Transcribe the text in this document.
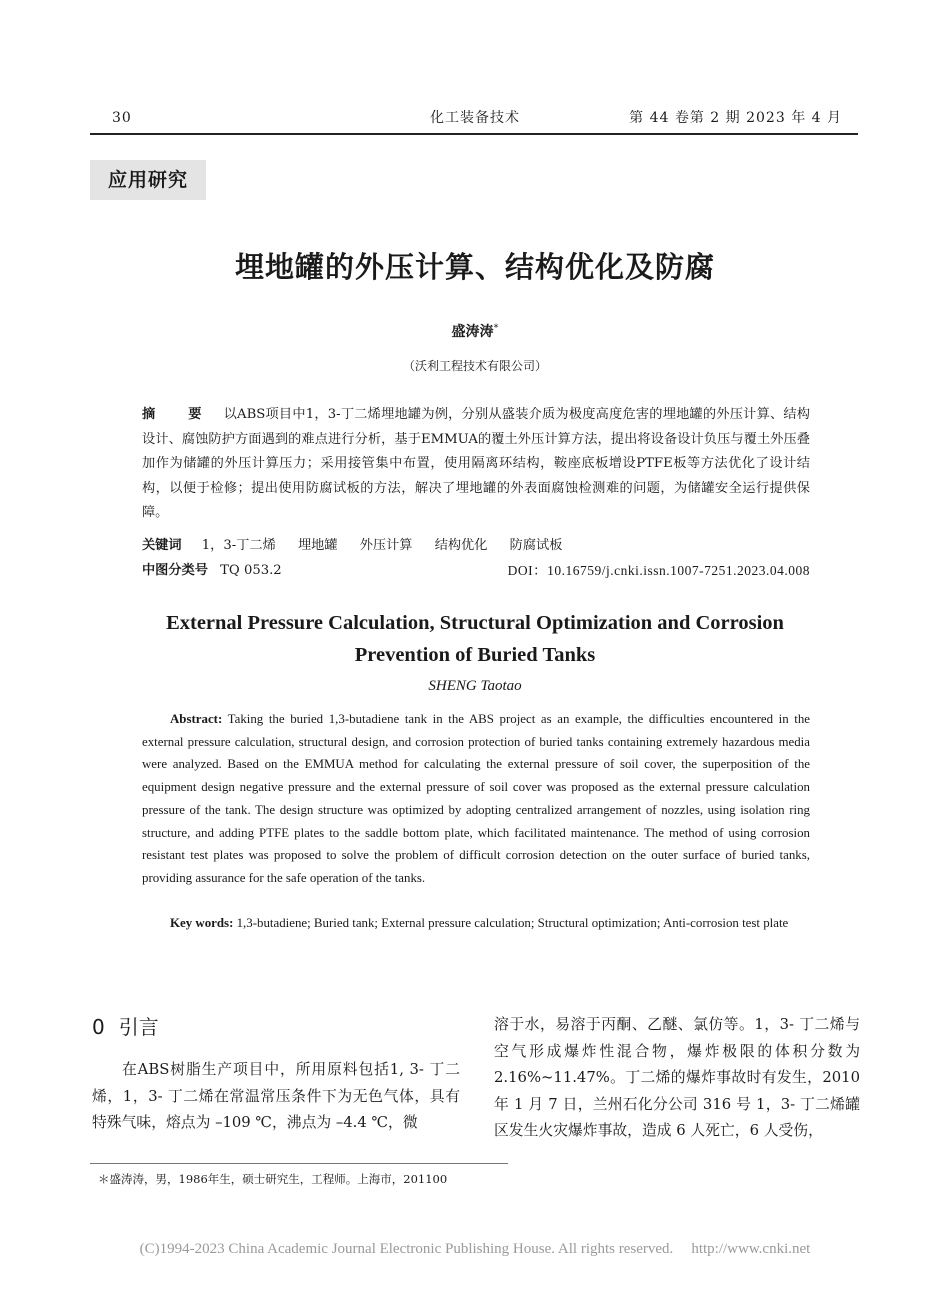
30	化工装备技术	第 44 卷第 2 期 2023 年 4 月
应用研究
埋地罐的外压计算、结构优化及防腐
盛涛涛*
（沃利工程技术有限公司）
摘 要 以ABS项目中1，3-丁二烯埋地罐为例，分别从盛装介质为极度高度危害的埋地罐的外压计算、结构设计、腐蚀防护方面遇到的难点进行分析，基于EMMUA的覆土外压计算方法，提出将设备设计负压与覆土外压叠加作为储罐的外压计算压力；采用接管集中布置，使用隔离环结构，鞍座底板增设PTFE板等方法优化了设计结构，以便于检修；提出使用防腐试板的方法，解决了埋地罐的外表面腐蚀检测难的问题，为储罐安全运行提供保障。
关键词 1，3-丁二烯 埋地罐 外压计算 结构优化 防腐试板
中图分类号 TQ 053.2	DOI：10.16759/j.cnki.issn.1007-7251.2023.04.008
External Pressure Calculation, Structural Optimization and Corrosion
Prevention of Buried Tanks
SHENG Taotao
Abstract: Taking the buried 1,3-butadiene tank in the ABS project as an example, the difficulties encountered in the external pressure calculation, structural design, and corrosion protection of buried tanks containing extremely hazardous media were analyzed. Based on the EMMUA method for calculating the external pressure of soil cover, the superposition of the equipment design negative pressure and the external pressure of soil cover was proposed as the external pressure calculation pressure of the tank. The design structure was optimized by adopting centralized arrangement of nozzles, using isolation ring structure, and adding PTFE plates to the saddle bottom plate, which facilitated maintenance. The method of using corrosion resistant test plates was proposed to solve the problem of difficult corrosion detection on the outer surface of buried tanks, providing assurance for the safe operation of the tanks.
Key words: 1,3-butadiene; Buried tank; External pressure calculation; Structural optimization; Anti-corrosion test plate
0 引言
在ABS树脂生产项目中，所用原料包括1, 3- 丁二烯，1，3- 丁二烯在常温常压条件下为无色气体，具有特殊气味，熔点为 –109 ℃，沸点为 –4.4 ℃，微
溶于水，易溶于丙酮、乙醚、氯仿等。1，3- 丁二烯与空气形成爆炸性混合物，爆炸极限的体积分数为 2.16%~11.47%。丁二烯的爆炸事故时有发生，2010 年 1 月 7 日，兰州石化分公司 316 号 1，3- 丁二烯罐区发生火灾爆炸事故，造成 6 人死亡，6 人受伤，
＊盛涛涛，男，1986年生，硕士研究生，工程师。上海市，201100
(C)1994-2023 China Academic Journal Electronic Publishing House. All rights reserved. http://www.cnki.net
